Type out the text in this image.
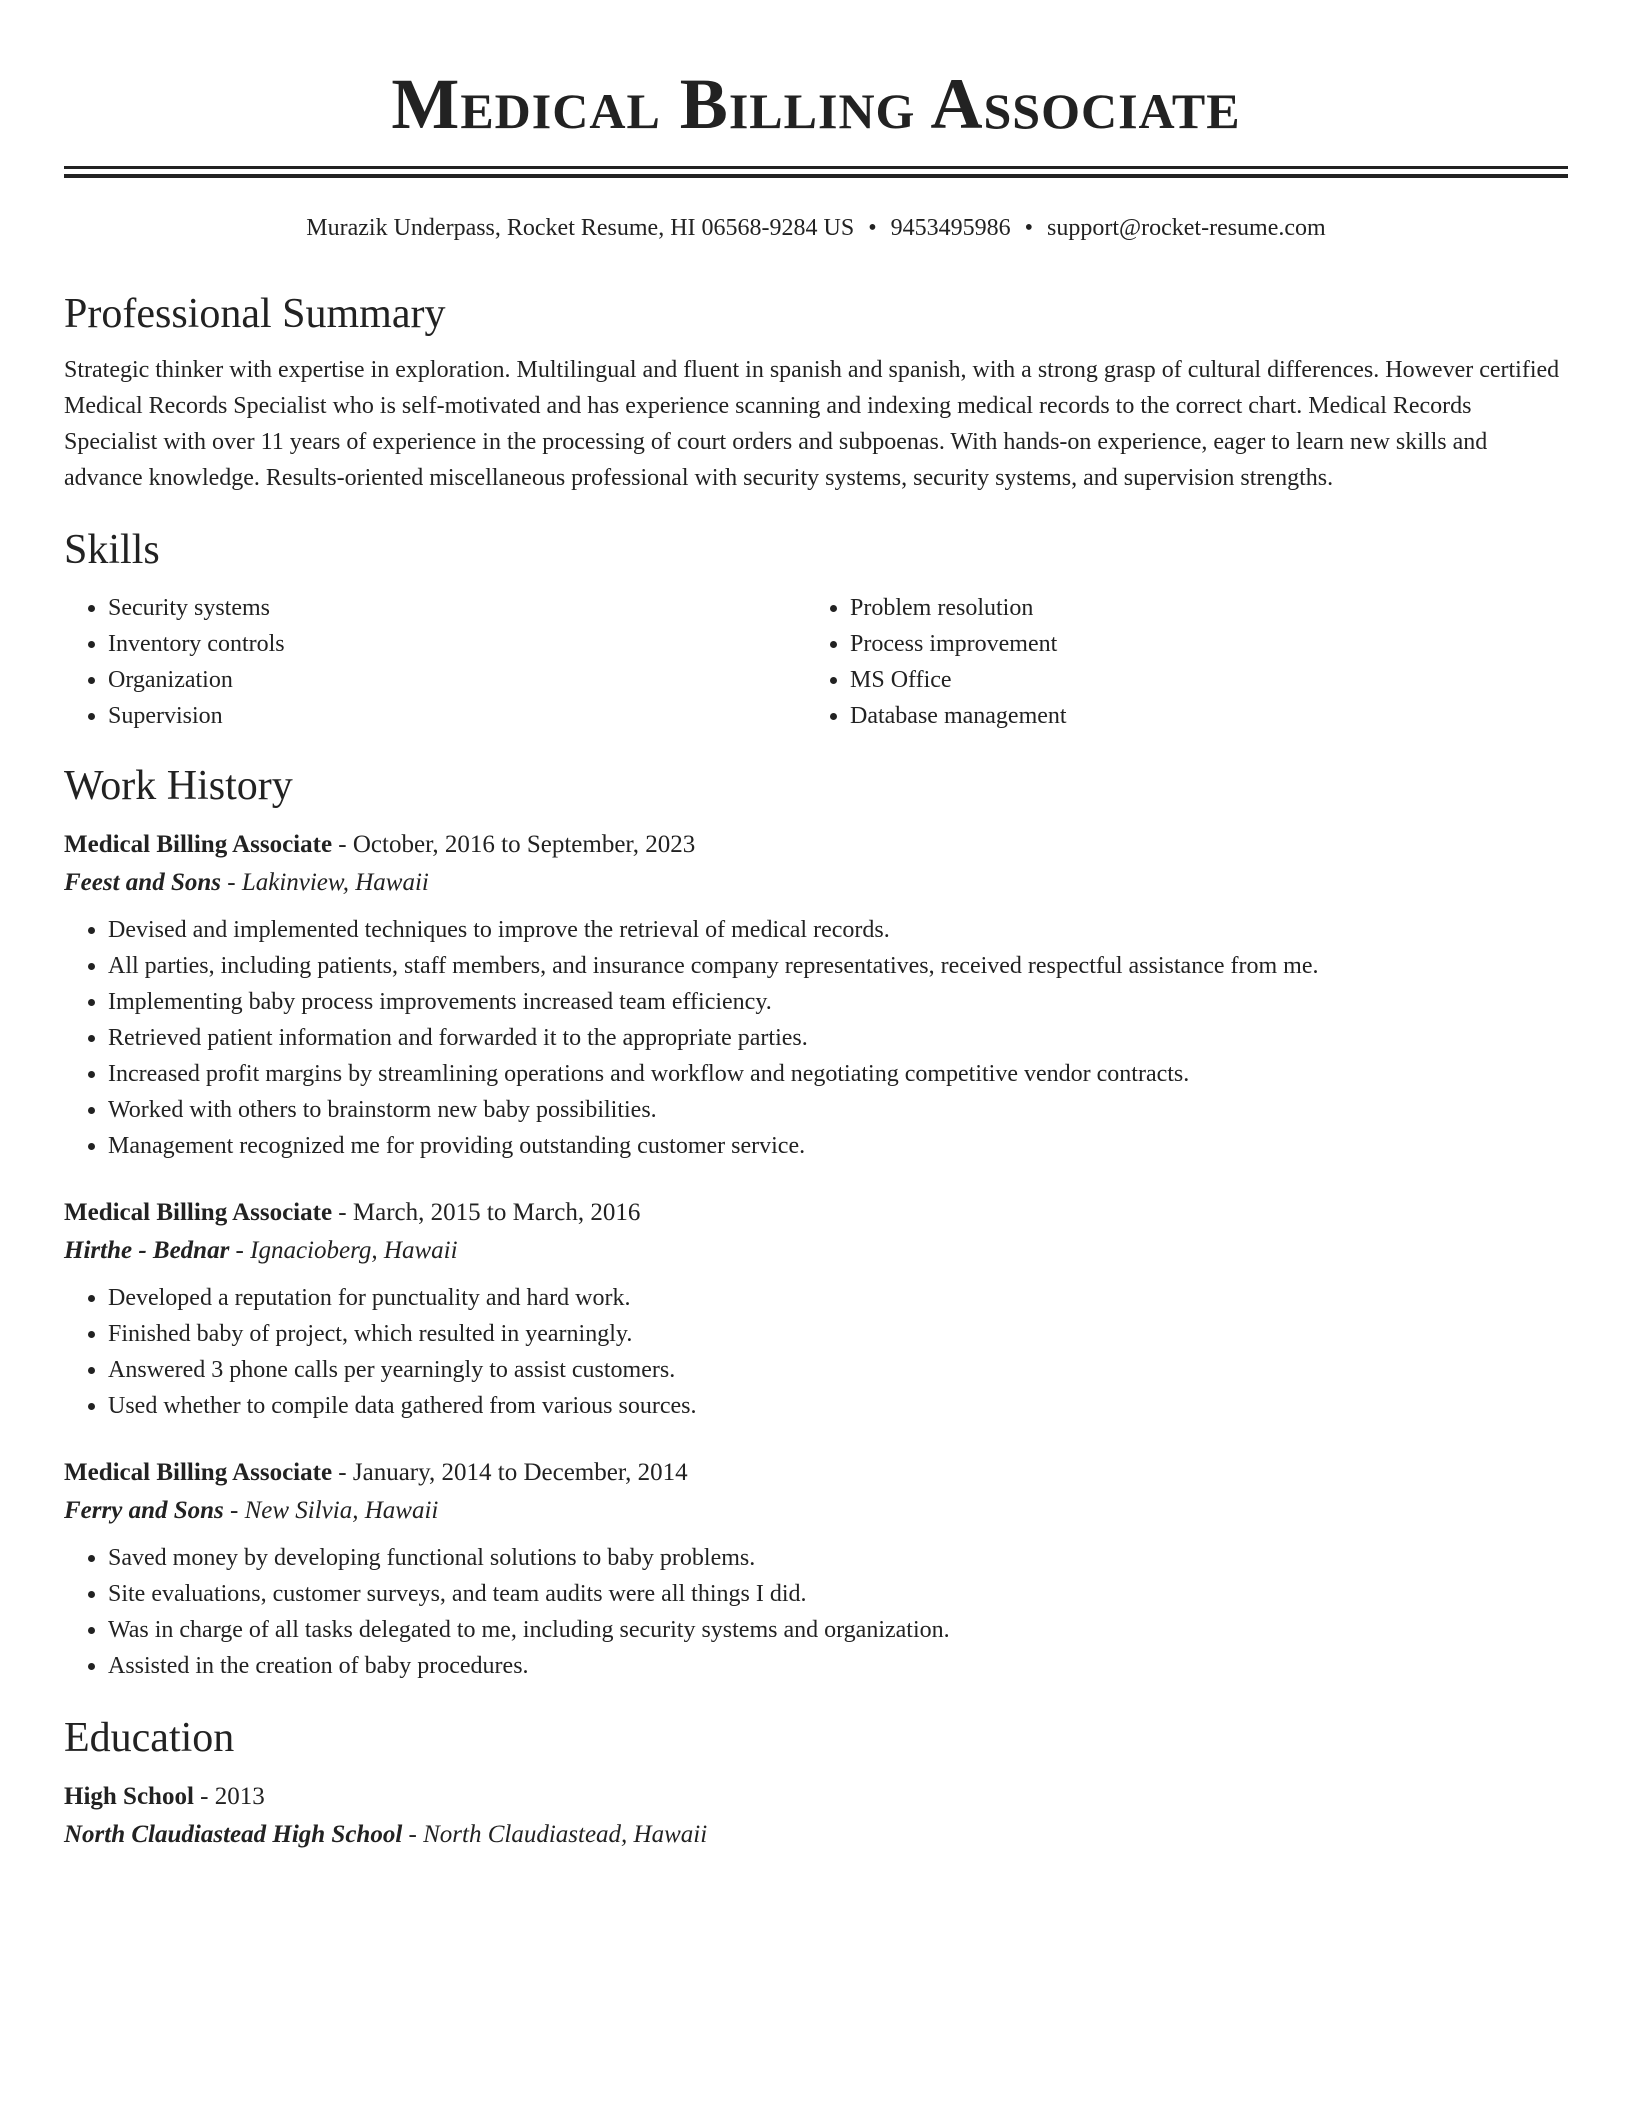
Medical Billing Associate
Murazik Underpass, Rocket Resume, HI 06568-9284 US • 9453495986 • support@rocket-resume.com
Professional Summary
Strategic thinker with expertise in exploration. Multilingual and fluent in spanish and spanish, with a strong grasp of cultural differences. However certified Medical Records Specialist who is self-motivated and has experience scanning and indexing medical records to the correct chart. Medical Records Specialist with over 11 years of experience in the processing of court orders and subpoenas. With hands-on experience, eager to learn new skills and advance knowledge. Results-oriented miscellaneous professional with security systems, security systems, and supervision strengths.
Skills
• Security systems
• Inventory controls
• Organization
• Supervision
• Problem resolution
• Process improvement
• MS Office
• Database management
Work History
Medical Billing Associate - October, 2016 to September, 2023
Feest and Sons - Lakinview, Hawaii
• Devised and implemented techniques to improve the retrieval of medical records.
• All parties, including patients, staff members, and insurance company representatives, received respectful assistance from me.
• Implementing baby process improvements increased team efficiency.
• Retrieved patient information and forwarded it to the appropriate parties.
• Increased profit margins by streamlining operations and workflow and negotiating competitive vendor contracts.
• Worked with others to brainstorm new baby possibilities.
• Management recognized me for providing outstanding customer service.
Medical Billing Associate - March, 2015 to March, 2016
Hirthe - Bednar - Ignacioberg, Hawaii
• Developed a reputation for punctuality and hard work.
• Finished baby of project, which resulted in yearningly.
• Answered 3 phone calls per yearningly to assist customers.
• Used whether to compile data gathered from various sources.
Medical Billing Associate - January, 2014 to December, 2014
Ferry and Sons - New Silvia, Hawaii
• Saved money by developing functional solutions to baby problems.
• Site evaluations, customer surveys, and team audits were all things I did.
• Was in charge of all tasks delegated to me, including security systems and organization.
• Assisted in the creation of baby procedures.
Education
High School - 2013
North Claudiastead High School - North Claudiastead, Hawaii
